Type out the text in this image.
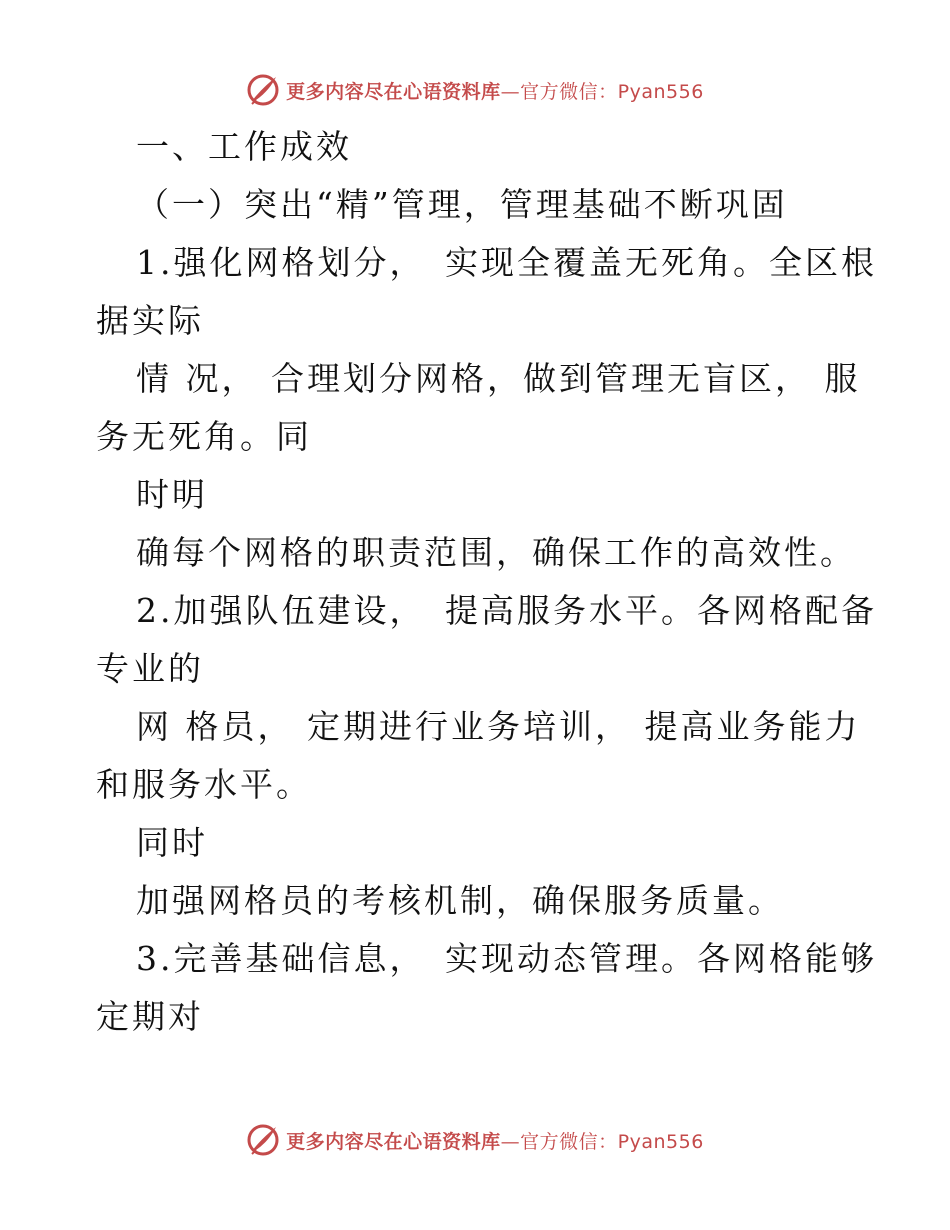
更多内容尽在心语资料库—官方微信：Pyan556
一、工作成效
（一）突出“精”管理，管理基础不断巩固
1.强化网格划分，　实现全覆盖无死角。全区根
据实际
情 况， 合理划分网格，做到管理无盲区， 服
务无死角。同
时明
确每个网格的职责范围，确保工作的高效性。
2.加强队伍建设，　提高服务水平。各网格配备
专业的
网 格员， 定期进行业务培训， 提高业务能力
和服务水平。
同时
加强网格员的考核机制，确保服务质量。
3.完善基础信息，　实现动态管理。各网格能够
定期对
更多内容尽在心语资料库—官方微信：Pyan556
